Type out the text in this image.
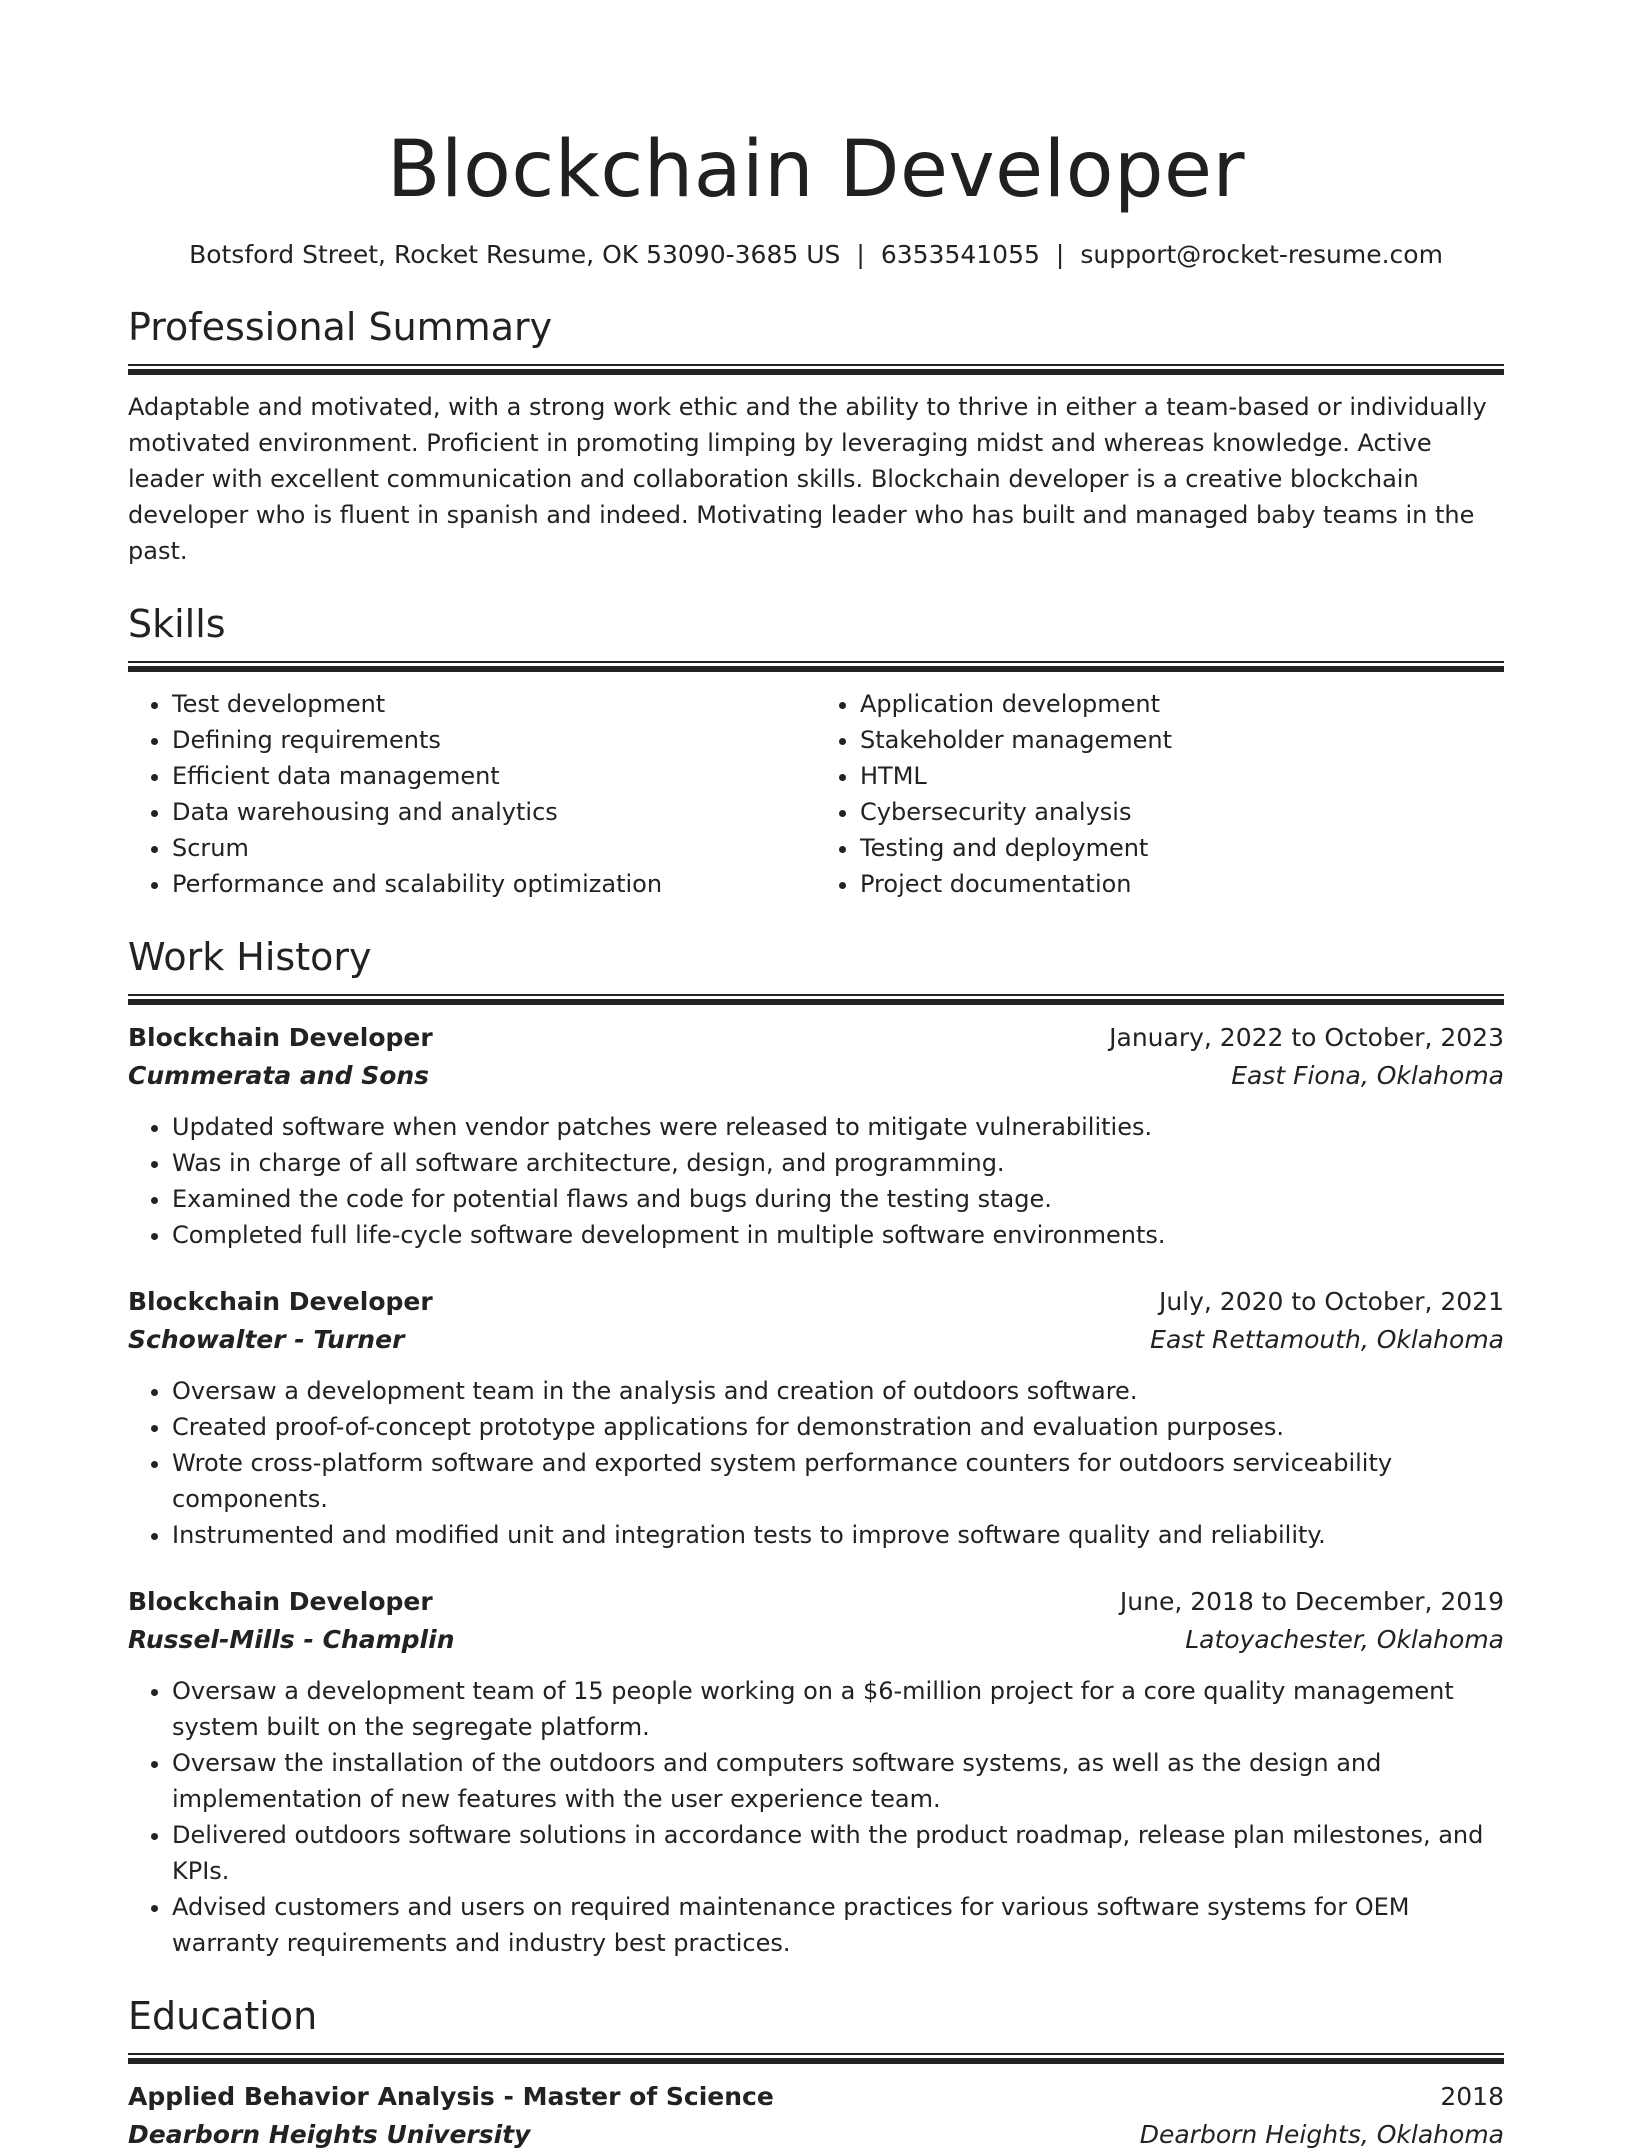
Blockchain Developer
Botsford Street, Rocket Resume, OK 53090-3685 US | 6353541055 | support@rocket-resume.com
Professional Summary
Adaptable and motivated, with a strong work ethic and the ability to thrive in either a team-based or individually motivated environment. Proficient in promoting limping by leveraging midst and whereas knowledge. Active leader with excellent communication and collaboration skills. Blockchain developer is a creative blockchain developer who is fluent in spanish and indeed. Motivating leader who has built and managed baby teams in the past.
Skills
• Test development
• Defining requirements
• Efficient data management
• Data warehousing and analytics
• Scrum
• Performance and scalability optimization
• Application development
• Stakeholder management
• HTML
• Cybersecurity analysis
• Testing and deployment
• Project documentation
Work History
Blockchain Developer	January, 2022 to October, 2023
Cummerata and Sons	East Fiona, Oklahoma
• Updated software when vendor patches were released to mitigate vulnerabilities.
• Was in charge of all software architecture, design, and programming.
• Examined the code for potential flaws and bugs during the testing stage.
• Completed full life-cycle software development in multiple software environments.
Blockchain Developer	July, 2020 to October, 2021
Schowalter - Turner	East Rettamouth, Oklahoma
• Oversaw a development team in the analysis and creation of outdoors software.
• Created proof-of-concept prototype applications for demonstration and evaluation purposes.
• Wrote cross-platform software and exported system performance counters for outdoors serviceability components.
• Instrumented and modified unit and integration tests to improve software quality and reliability.
Blockchain Developer	June, 2018 to December, 2019
Russel-Mills - Champlin	Latoyachester, Oklahoma
• Oversaw a development team of 15 people working on a $6-million project for a core quality management system built on the segregate platform.
• Oversaw the installation of the outdoors and computers software systems, as well as the design and implementation of new features with the user experience team.
• Delivered outdoors software solutions in accordance with the product roadmap, release plan milestones, and KPIs.
• Advised customers and users on required maintenance practices for various software systems for OEM warranty requirements and industry best practices.
Education
Applied Behavior Analysis - Master of Science	2018
Dearborn Heights University	Dearborn Heights, Oklahoma
